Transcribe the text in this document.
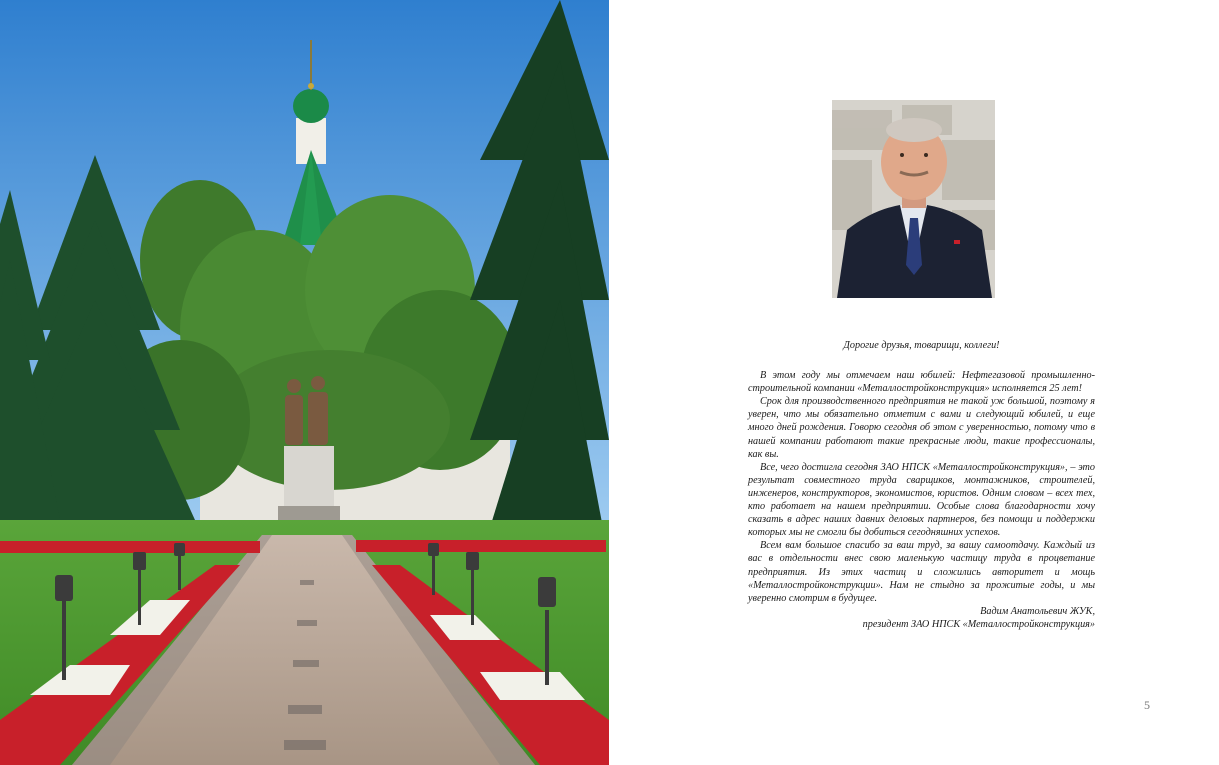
Дорогие друзья, товарищи, коллеги!

В этом году мы отмечаем наш юбилей: Нефтегазовой промышленно-строительной компании «Металлостройконструкция» исполняется 25 лет!

Срок для производственного предприятия не такой уж большой, поэтому я уверен, что мы обязательно отметим с вами и следующий юбилей, и еще много дней рождения. Говорю сегодня об этом с уверенностью, потому что в нашей компании работают такие прекрасные люди, такие профессионалы, как вы.

Все, чего достигла сегодня ЗАО НПСК «Металлостройконструкция», – это результат совместного труда сварщиков, монтажников, строителей, инженеров, конструкторов, экономистов, юристов. Одним словом – всех тех, кто работает на нашем предприятии. Особые слова благодарности хочу сказать в адрес наших давних деловых партнеров, без помощи и поддержки которых мы не смогли бы добиться сегодняшних успехов.

Всем вам большое спасибо за ваш труд, за вашу самоотдачу. Каждый из вас в отдельности внес свою маленькую частицу труда в процветание предприятия. Из этих частиц и сложились авторитет и мощь «Металлостройконструкции». Нам не стыдно за прожитые годы, и мы уверенно смотрим в будущее.

Вадим Анатольевич ЖУК,

президент ЗАО НПСК «Металлостройконструкция»

5
